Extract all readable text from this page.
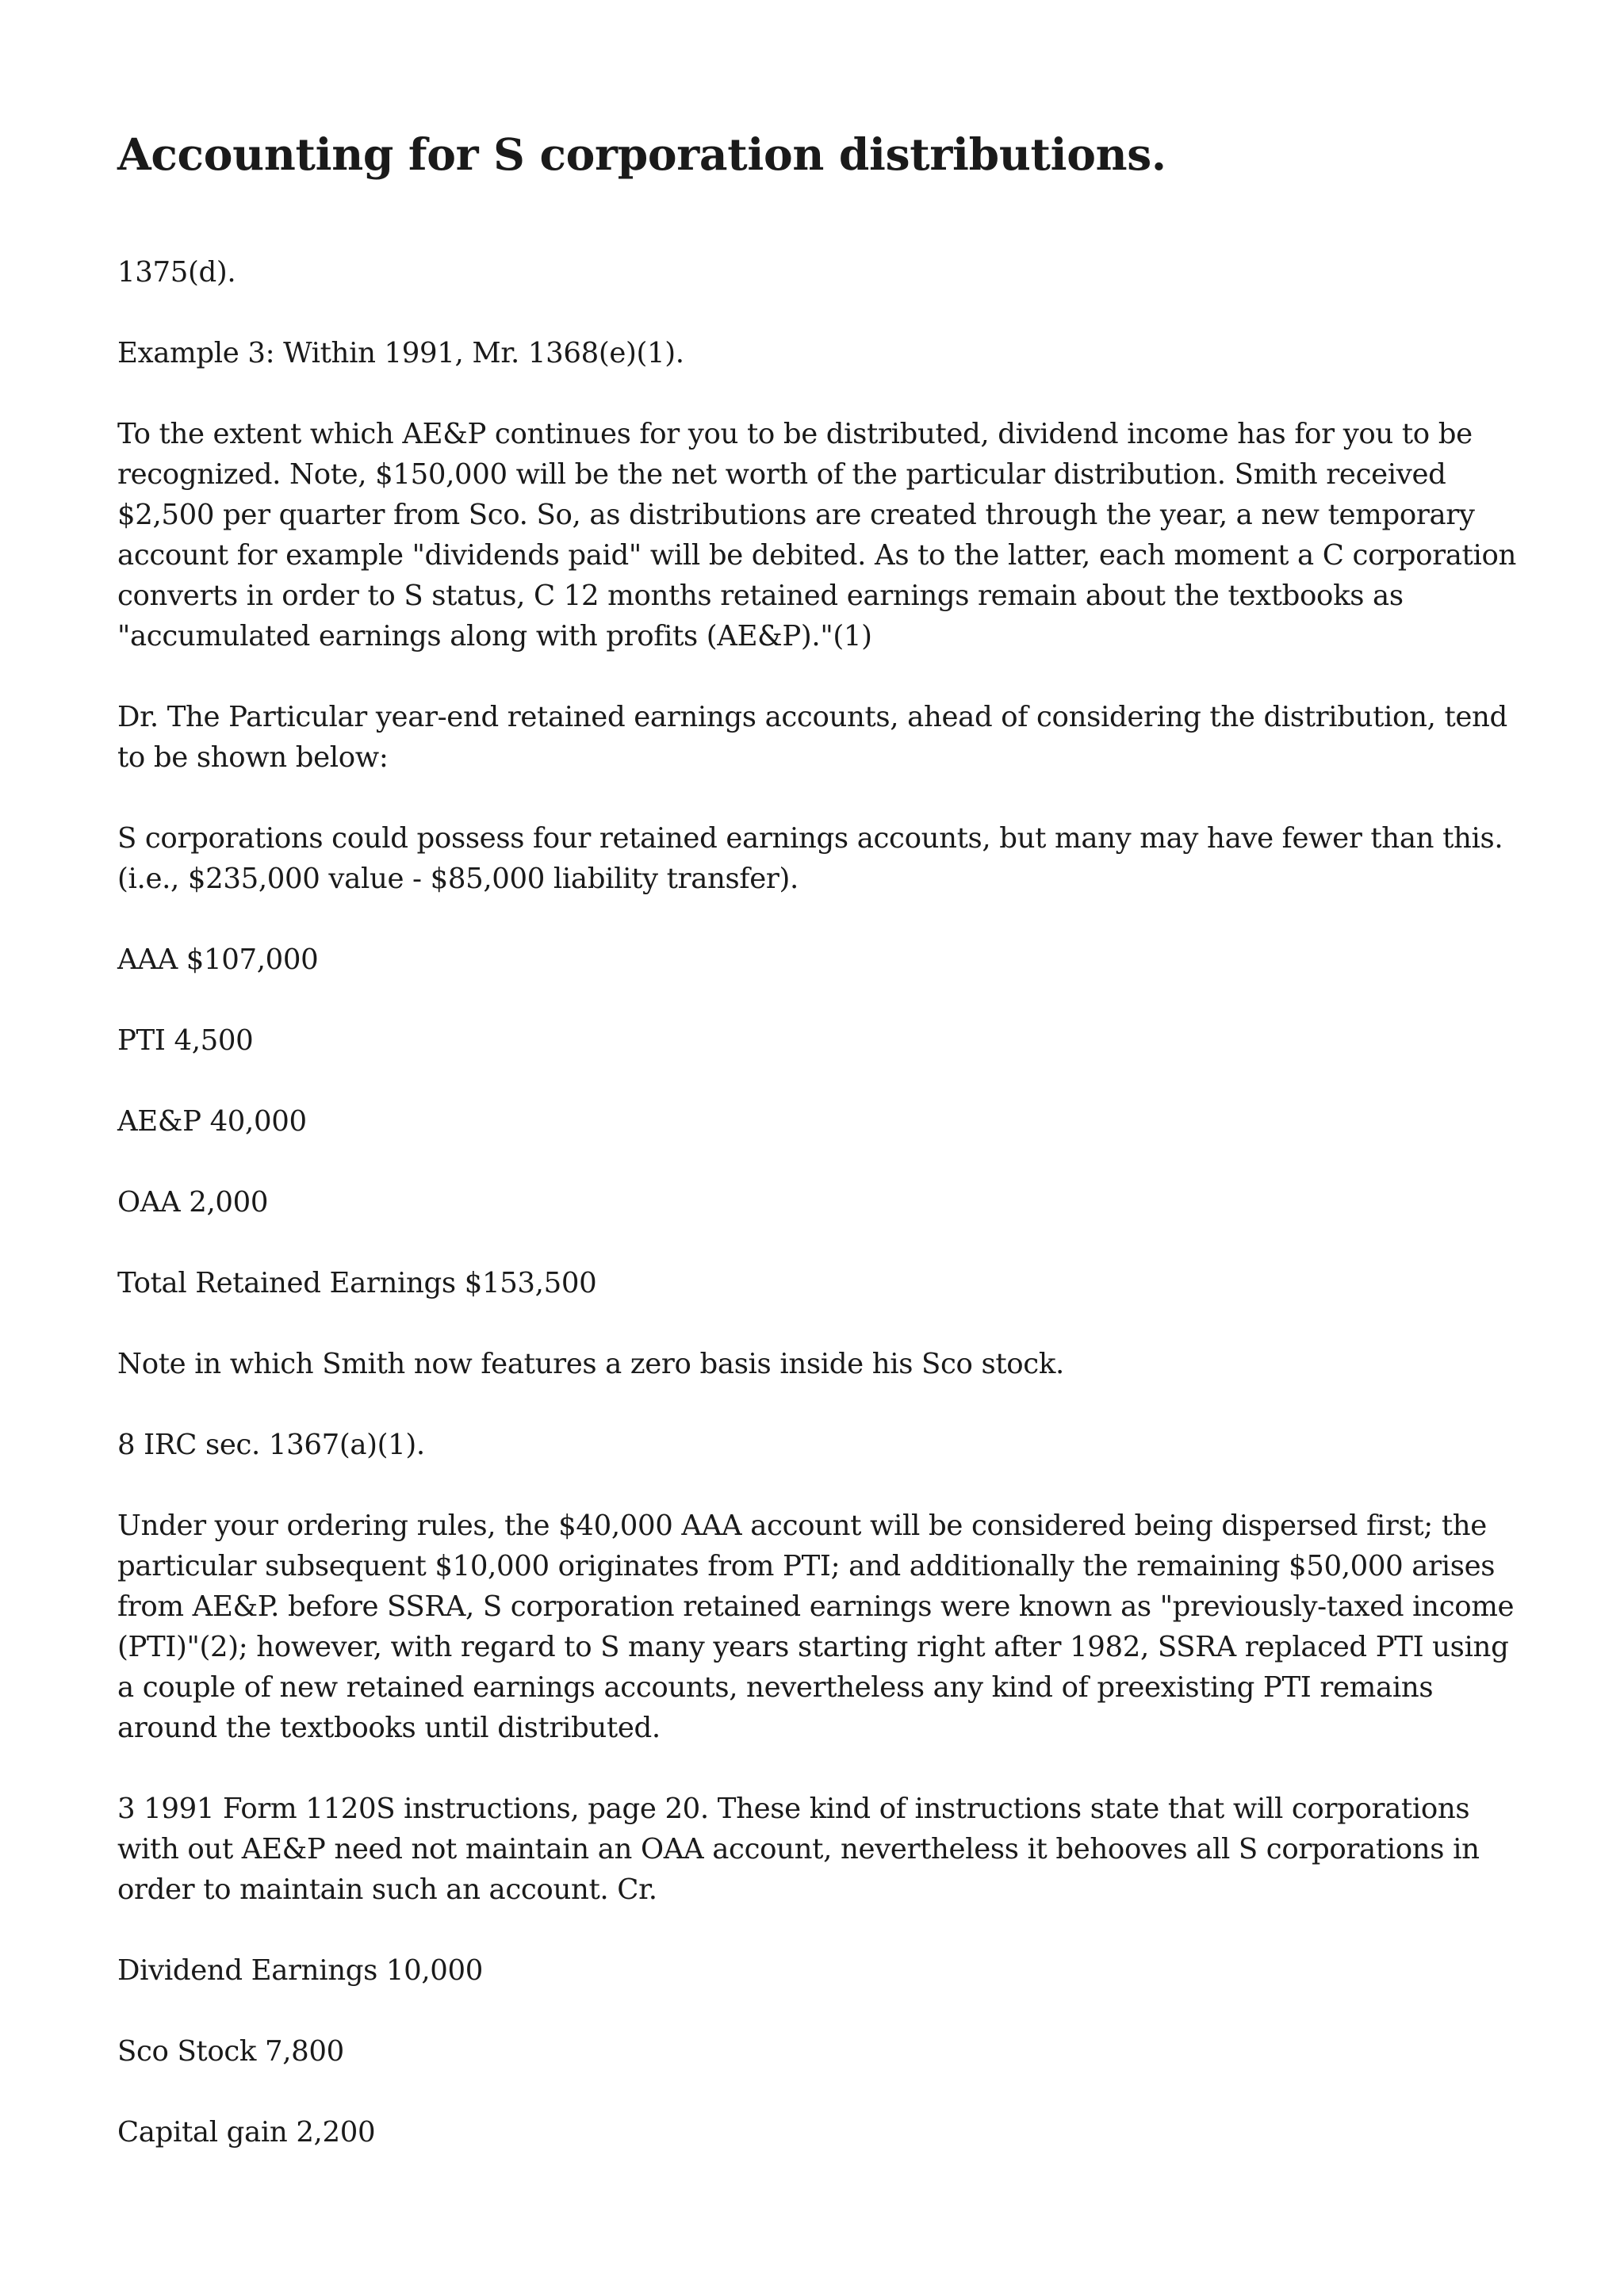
Accounting for S corporation distributions.

1375(d).

Example 3: Within 1991, Mr. 1368(e)(1).

To the extent which AE&P continues for you to be distributed, dividend income has for you to be recognized. Note, $150,000 will be the net worth of the particular distribution. Smith received $2,500 per quarter from Sco. So, as distributions are created through the year, a new temporary account for example "dividends paid" will be debited. As to the latter, each moment a C corporation converts in order to S status, C 12 months retained earnings remain about the textbooks as "accumulated earnings along with profits (AE&P)."(1)

Dr. The Particular year-end retained earnings accounts, ahead of considering the distribution, tend to be shown below:

S corporations could possess four retained earnings accounts, but many may have fewer than this. (i.e., $235,000 value - $85,000 liability transfer).

AAA $107,000

PTI 4,500

AE&P 40,000

OAA 2,000

Total Retained Earnings $153,500

Note in which Smith now features a zero basis inside his Sco stock.

8 IRC sec. 1367(a)(1).

Under your ordering rules, the $40,000 AAA account will be considered being dispersed first; the particular subsequent $10,000 originates from PTI; and additionally the remaining $50,000 arises from AE&P. before SSRA, S corporation retained earnings were known as "previously-taxed income (PTI)"(2); however, with regard to S many years starting right after 1982, SSRA replaced PTI using a couple of new retained earnings accounts, nevertheless any kind of preexisting PTI remains around the textbooks until distributed.

3 1991 Form 1120S instructions, page 20. These kind of instructions state that will corporations with out AE&P need not maintain an OAA account, nevertheless it behooves all S corporations in order to maintain such an account. Cr.

Dividend Earnings 10,000

Sco Stock 7,800

Capital gain 2,200
